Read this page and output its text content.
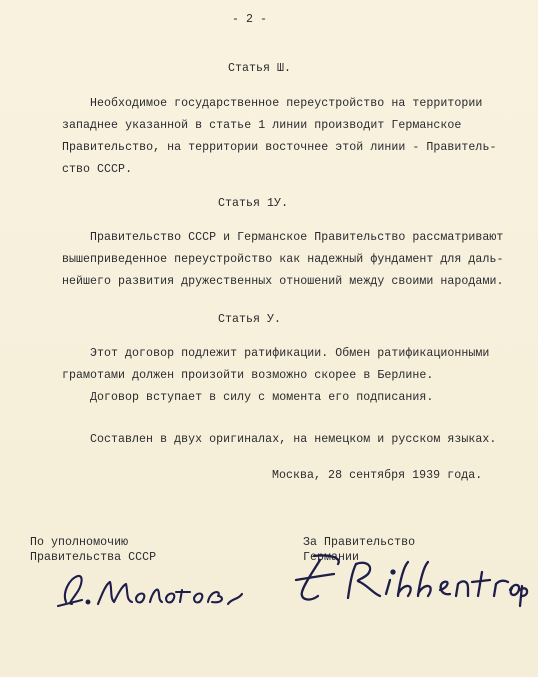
- 2 -
Статья Ш.
Необходимое государственное переустройство на территории
западнее указанной в статье 1 линии производит Германское
Правительство, на территории восточнее этой линии - Правитель-
ство СССР.
Статья 1У.
Правительство СССР и Германское Правительство рассматривают
вышеприведенное переустройство как надежный фундамент для даль-
нейшего развития дружественных отношений между своими народами.
Статья У.
Этот договор подлежит ратификации. Обмен ратификационными
грамотами должен произойти возможно скорее в Берлине.
Договор вступает в силу с момента его подписания.
Составлен в двух оригиналах, на немецком и русском языках.
Москва, 28 сентября 1939 года.
По уполномочию
Правительства СССР
За Правительство
Германии
